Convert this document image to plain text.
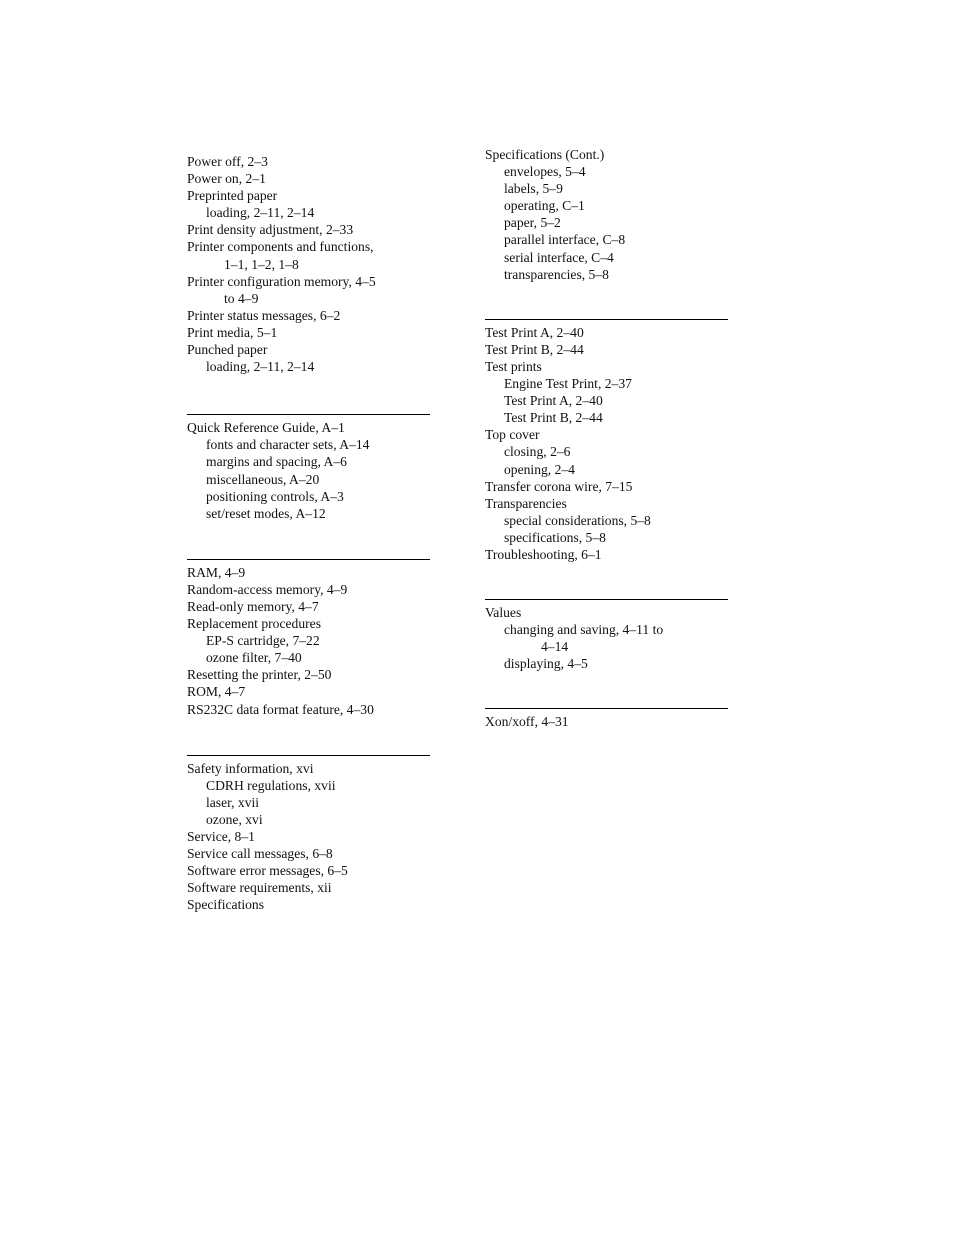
Power off, 2–3
Power on, 2–1
Preprinted paper
loading, 2–11, 2–14
Print density adjustment, 2–33
Printer components and functions,
1–1, 1–2, 1–8
Printer configuration memory, 4–5
to 4–9
Printer status messages, 6–2
Print media, 5–1
Punched paper
loading, 2–11, 2–14
Quick Reference Guide, A–1
fonts and character sets, A–14
margins and spacing, A–6
miscellaneous, A–20
positioning controls, A–3
set/reset modes, A–12
RAM, 4–9
Random-access memory, 4–9
Read-only memory, 4–7
Replacement procedures
EP-S cartridge, 7–22
ozone filter, 7–40
Resetting the printer, 2–50
ROM, 4–7
RS232C data format feature, 4–30
Safety information, xvi
CDRH regulations, xvii
laser, xvii
ozone, xvi
Service, 8–1
Service call messages, 6–8
Software error messages, 6–5
Software requirements, xii
Specifications
Specifications (Cont.)
envelopes, 5–4
labels, 5–9
operating, C–1
paper, 5–2
parallel interface, C–8
serial interface, C–4
transparencies, 5–8
Test Print A, 2–40
Test Print B, 2–44
Test prints
Engine Test Print, 2–37
Test Print A, 2–40
Test Print B, 2–44
Top cover
closing, 2–6
opening, 2–4
Transfer corona wire, 7–15
Transparencies
special considerations, 5–8
specifications, 5–8
Troubleshooting, 6–1
Values
changing and saving, 4–11 to
4–14
displaying, 4–5
Xon/xoff, 4–31
